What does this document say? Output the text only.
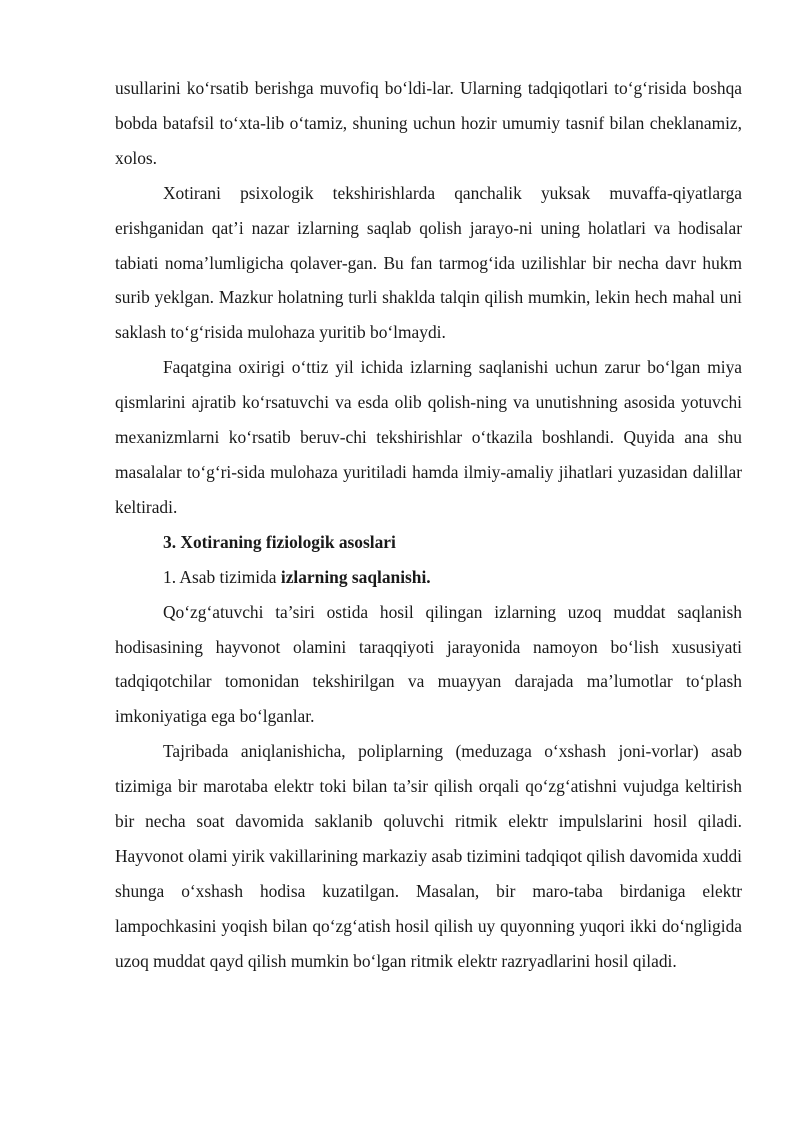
usullarini ko‘rsatib berishga muvofiq bo‘ldi-lar. Ularning tadqiqotlari to‘g‘risida boshqa bobda batafsil to‘xta-lib o‘tamiz, shuning uchun hozir umumiy tasnif bilan cheklanamiz, xolos.

Xotirani psixologik tekshirishlarda qanchalik yuksak muvaffa-qiyatlarga erishganidan qat’i nazar izlarning saqlab qolish jarayo-ni uning holatlari va hodisalar tabiati noma’lumligicha qolaver-gan. Bu fan tarmog‘ida uzilishlar bir necha davr hukm surib yeklgan. Mazkur holatning turli shaklda talqin qilish mumkin, lekin hech mahal uni saklash to‘g‘risida mulohaza yuritib bo‘lmaydi.

Faqatgina oxirigi o‘ttiz yil ichida izlarning saqlanishi uchun zarur bo‘lgan miya qismlarini ajratib ko‘rsatuvchi va esda olib qolish-ning va unutishning asosida yotuvchi mexanizmlarni ko‘rsatib beruv-chi tekshirishlar o‘tkazila boshlandi. Quyida ana shu masalalar to‘g‘ri-sida mulohaza yuritiladi hamda ilmiy-amaliy jihatlari yuzasidan dalillar keltiradi.

3. Xotiraning fiziologik asoslari

1. Asab tizimida izlarning saqlanishi.

Qo‘zg‘atuvchi ta’siri ostida hosil qilingan izlarning uzoq muddat saqlanish hodisasining hayvonot olamini taraqqiyoti jarayonida namoyon bo‘lish xususiyati tadqiqotchilar tomonidan tekshirilgan va muayyan darajada ma’lumotlar to‘plash imkoniyatiga ega bo‘lganlar.

Tajribada aniqlanishicha, poliplarning (meduzaga o‘xshash joni-vorlar) asab tizimiga bir marotaba elektr toki bilan ta’sir qilish orqali qo‘zg‘atishni vujudga keltirish bir necha soat davomida saklanib qoluvchi ritmik elektr impulslarini hosil qiladi. Hayvonot olami yirik vakillarining markaziy asab tizimini tadqiqot qilish davomida xuddi shunga o‘xshash hodisa kuzatilgan. Masalan, bir maro-taba birdaniga elektr lampochkasini yoqish bilan qo‘zg‘atish hosil qilish uy quyonning yuqori ikki do‘ngligida uzoq muddat qayd qilish mumkin bo‘lgan ritmik elektr razryadlarini hosil qiladi.
